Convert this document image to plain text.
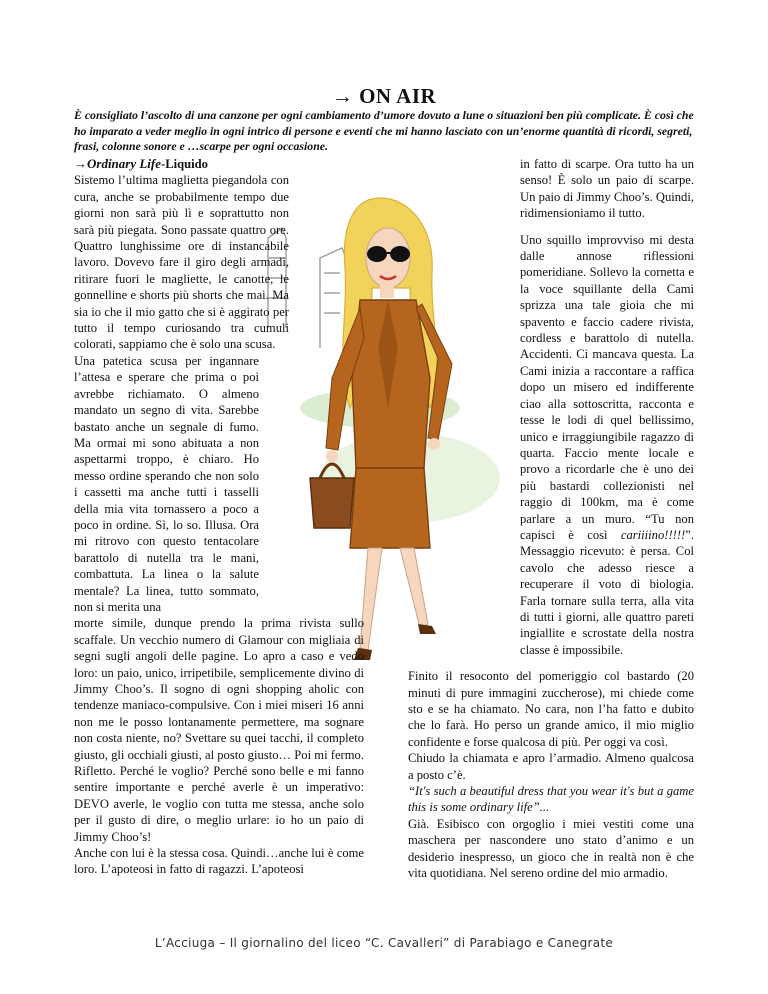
→ ON AIR

È consigliato l’ascolto di una canzone per ogni cambiamento d’umore dovuto a lune o situazioni ben più complicate. È così che ho imparato a veder meglio in ogni intrico di persone e eventi che mi hanno lasciato con un’enorme quantità di ricordi, segreti, frasi, colonne sonore e …scarpe per ogni occasione.

→Ordinary Life-Liquido

Sistemo l’ultima maglietta piegandola con cura, anche se probabilmente tempo due giorni non sarà più lì e soprattutto non sarà più piegata. Sono passate quattro ore. Quattro lunghissime ore di instancabile lavoro. Dovevo fare il giro degli armadi, ritirare fuori le magliette, le canotte, le gonnelline e shorts più shorts che mai. Ma sia io che il mio gatto che si è aggirato per tutto il tempo curiosando tra cumuli colorati, sappiamo che è solo una scusa.

Una patetica scusa per ingannare l’attesa e sperare che prima o poi avrebbe richiamato. O almeno mandato un segno di vita. Sarebbe bastato anche un segnale di fumo. Ma ormai mi sono abituata a non aspettarmi troppo, è chiaro. Ho messo ordine sperando che non solo i cassetti ma anche tutti i tasselli della mia vita tornassero a poco a poco in ordine. Sì, lo so. Illusa. Ora mi ritrovo con questo tentacolare barattolo di nutella tra le mani, combattuta. La linea o la salute mentale? La linea, tutto sommato, non si merita una

morte simile, dunque prendo la prima rivista sullo scaffale. Un vecchio numero di Glamour con migliaia di segni sugli angoli delle pagine. Lo apro a caso e vedo loro: un paio, unico, irripetibile, semplicemente divino di Jimmy Choo’s. Il sogno di ogni shopping aholic con tendenze maniaco-compulsive. Con i miei miseri 16 anni non me le posso lontanamente permettere, ma sognare non costa niente, no? Svettare su quei tacchi, il completo giusto, gli occhiali giusti, al posto giusto… Poi mi fermo. Rifletto. Perché le voglio? Perché sono belle e mi fanno sentire importante e perché averle è un imperativo: DEVO averle, le voglio con tutta me stessa, anche solo per il gusto di dire, o meglio urlare: io ho un paio di Jimmy Choo’s!

Anche con lui è la stessa cosa. Quindi…anche lui è come loro. L’apoteosi in fatto di ragazzi. L’apoteosi

in fatto di scarpe. Ora tutto ha un senso! È solo un paio di scarpe. Un paio di Jimmy Choo’s. Quindi, ridimensioniamo il tutto.

Uno squillo improvviso mi desta dalle annose riflessioni pomeridiane. Sollevo la cornetta e la voce squillante della Cami sprizza una tale gioia che mi spavento e faccio cadere rivista, cordless e barattolo di nutella. Accidenti. Ci mancava questa. La Cami inizia a raccontare a raffica dopo un misero ed indifferente ciao alla sottoscritta, racconta e tesse le lodi di quel bellissimo, unico e irraggiungibile ragazzo di quarta. Faccio mente locale e provo a ricordarle che è uno dei più bastardi collezionisti nel raggio di 100km, ma è come parlare a un muro. “Tu non capisci è così cariiiino!!!!!”. Messaggio ricevuto: è persa. Col cavolo che adesso riesce a recuperare il voto di biologia. Farla tornare sulla terra, alla vita di tutti i giorni, alle quattro pareti ingiallite e scrostate della nostra classe è impossibile.

Finito il resoconto del pomeriggio col bastardo (20 minuti di pure immagini zuccherose), mi chiede come sto e se ha chiamato. No cara, non l’ha fatto e dubito che lo farà. Ho perso un grande amico, il mio miglio confidente e forse qualcosa di più. Per oggi va così.

Chiudo la chiamata e apro l’armadio. Almeno qualcosa a posto c’è.

“It's such a beautiful dress that you wear it's but a game this is some ordinary life”...

Già. Esibisco con orgoglio i miei vestiti come una maschera per nascondere uno stato d’animo e un desiderio inespresso, un gioco che in realtà non è che vita quotidiana. Nel sereno ordine del mio armadio.

L’Acciuga – Il giornalino del liceo “C. Cavalleri” di Parabiago e Canegrate
